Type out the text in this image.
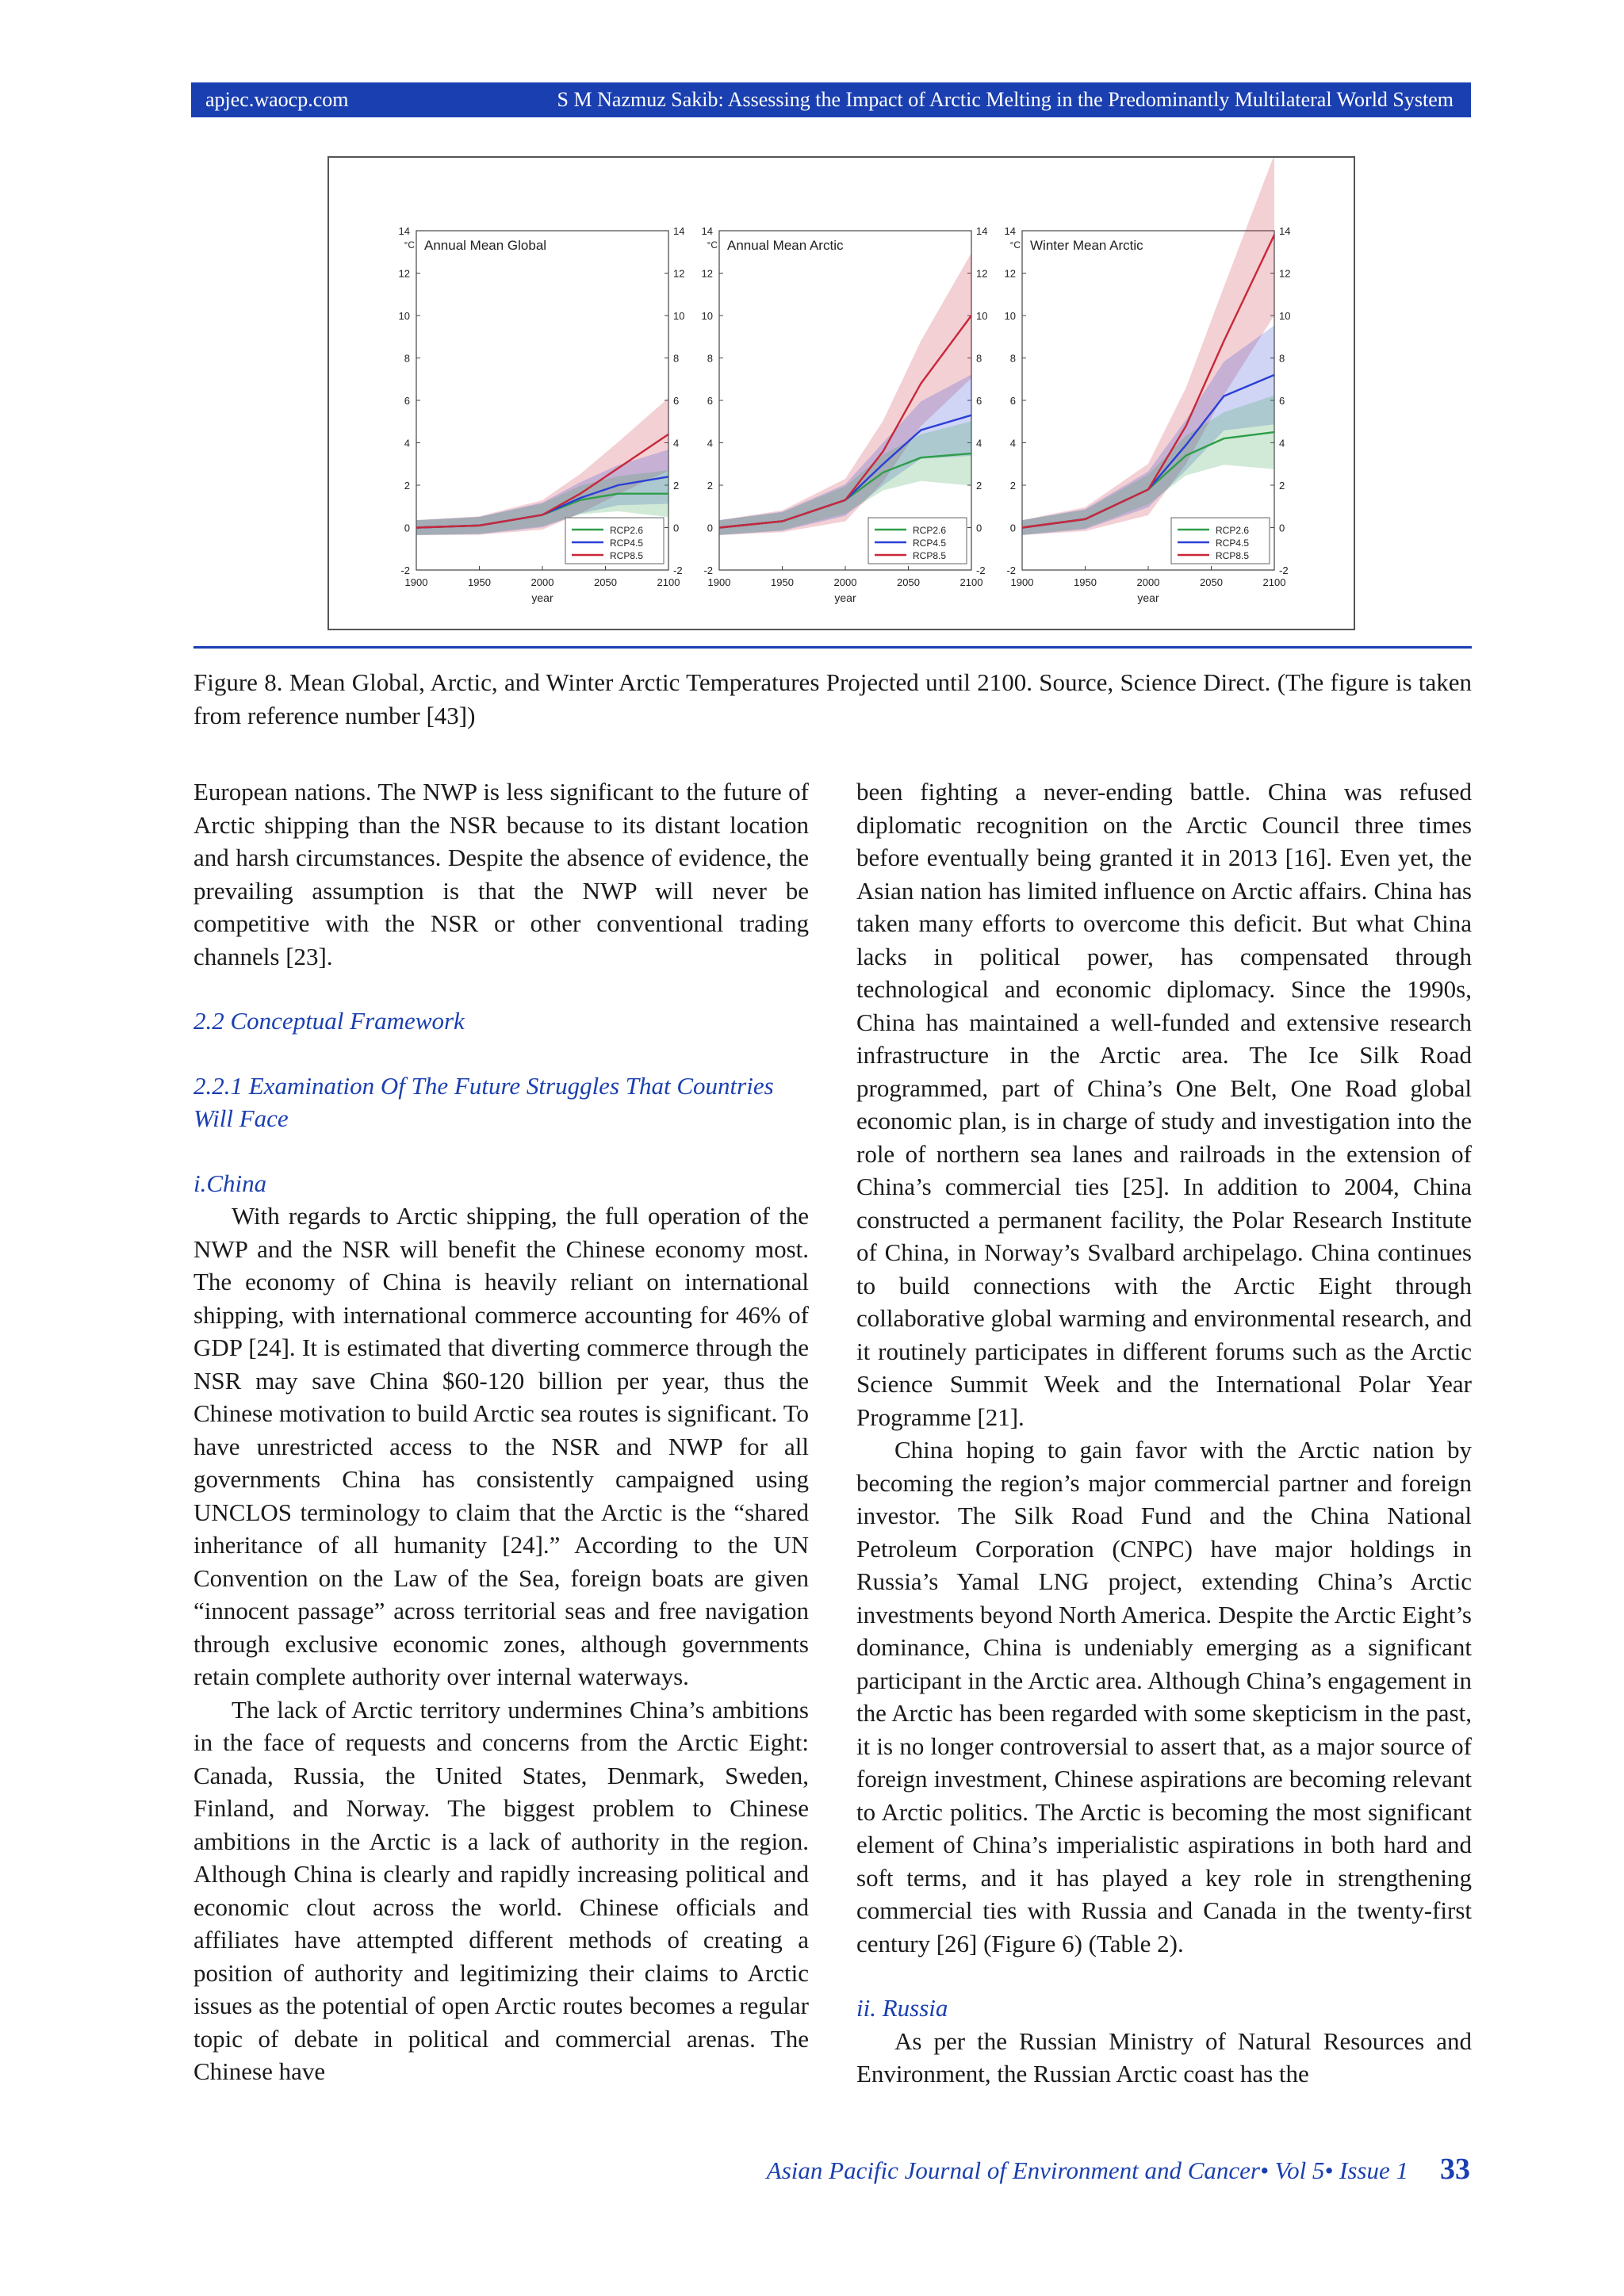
apjec.waocp.com	S M Nazmuz Sakib: Assessing the Impact of Arctic Melting in the Predominantly Multilateral World System
-2	-2
0	0
2	2
4	4
6	6
8	8
10	10
12	12
14	14
1900	1950	2000	2050	2100
year
°C Annual Mean Global
RCP2.6
RCP4.5
RCP8.5
-2	-2
0	0
2	2
4	4
6	6
8	8
10	10
12	12
14	14
1900	1950	2000	2050	2100
year
°C Annual Mean Arctic
RCP2.6
RCP4.5
RCP8.5
-2	-2
0	0
2	2
4	4
6	6
8	8
10	10
12	12
14	14
1900	1950	2000	2050	2100
year
°C Winter Mean Arctic
RCP2.6
RCP4.5
RCP8.5
Figure 8. Mean Global, Arctic, and Winter Arctic Temperatures Projected until 2100. Source, Science Direct. (The figure is taken from reference number [43])

European nations. The NWP is less significant to the future of Arctic shipping than the NSR because to its distant location and harsh circumstances. Despite the absence of evidence, the prevailing assumption is that the NWP will never be competitive with the NSR or other conventional trading channels [23].

2.2 Conceptual Framework

2.2.1 Examination Of The Future Struggles That Countries Will Face

i.China

With regards to Arctic shipping, the full operation of the NWP and the NSR will benefit the Chinese economy most. The economy of China is heavily reliant on international shipping, with international commerce accounting for 46% of GDP [24]. It is estimated that diverting commerce through the NSR may save China $60-120 billion per year, thus the Chinese motivation to build Arctic sea routes is significant. To have unrestricted access to the NSR and NWP for all governments China has consistently campaigned using UNCLOS terminology to claim that the Arctic is the “shared inheritance of all humanity [24].” According to the UN Convention on the Law of the Sea, foreign boats are given “innocent passage” across territorial seas and free navigation through exclusive economic zones, although governments retain complete authority over internal waterways.

The lack of Arctic territory undermines China’s ambitions in the face of requests and concerns from the Arctic Eight: Canada, Russia, the United States, Denmark, Sweden, Finland, and Norway. The biggest problem to Chinese ambitions in the Arctic is a lack of authority in the region. Although China is clearly and rapidly increasing political and economic clout across the world. Chinese officials and affiliates have attempted different methods of creating a position of authority and legitimizing their claims to Arctic issues as the potential of open Arctic routes becomes a regular topic of debate in political and commercial arenas. The Chinese have

been fighting a never-ending battle. China was refused diplomatic recognition on the Arctic Council three times before eventually being granted it in 2013 [16]. Even yet, the Asian nation has limited influence on Arctic affairs. China has taken many efforts to overcome this deficit. But what China lacks in political power, has compensated through technological and economic diplomacy. Since the 1990s, China has maintained a well-funded and extensive research infrastructure in the Arctic area. The Ice Silk Road programmed, part of China’s One Belt, One Road global economic plan, is in charge of study and investigation into the role of northern sea lanes and railroads in the extension of China’s commercial ties [25]. In addition to 2004, China constructed a permanent facility, the Polar Research Institute of China, in Norway’s Svalbard archipelago. China continues to build connections with the Arctic Eight through collaborative global warming and environmental research, and it routinely participates in different forums such as the Arctic Science Summit Week and the International Polar Year Programme [21].

China hoping to gain favor with the Arctic nation by becoming the region’s major commercial partner and foreign investor. The Silk Road Fund and the China National Petroleum Corporation (CNPC) have major holdings in Russia’s Yamal LNG project, extending China’s Arctic investments beyond North America. Despite the Arctic Eight’s dominance, China is undeniably emerging as a significant participant in the Arctic area. Although China’s engagement in the Arctic has been regarded with some skepticism in the past, it is no longer controversial to assert that, as a major source of foreign investment, Chinese aspirations are becoming relevant to Arctic politics. The Arctic is becoming the most significant element of China’s imperialistic aspirations in both hard and soft terms, and it has played a key role in strengthening commercial ties with Russia and Canada in the twenty-first century [26] (Figure 6) (Table 2).

ii. Russia

As per the Russian Ministry of Natural Resources and Environment, the Russian Arctic coast has the

Asian Pacific Journal of Environment and Cancer• Vol 5• Issue 1 33
